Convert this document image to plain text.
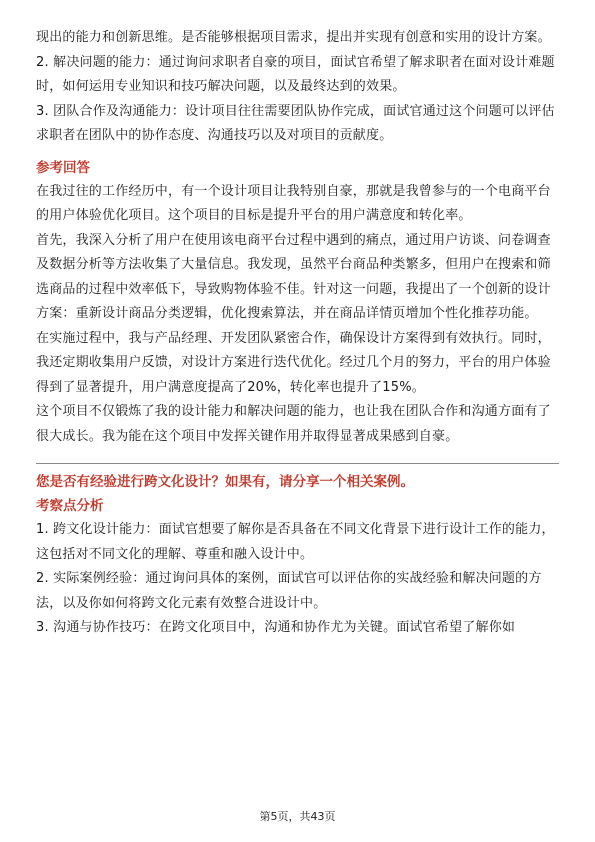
现出的能力和创新思维。是否能够根据项目需求，提出并实现有创意和实用的设计方案。

2. 解决问题的能力：通过询问求职者自豪的项目，面试官希望了解求职者在面对设计难题时，如何运用专业知识和技巧解决问题，以及最终达到的效果。

3. 团队合作及沟通能力：设计项目往往需要团队协作完成，面试官通过这个问题可以评估求职者在团队中的协作态度、沟通技巧以及对项目的贡献度。

参考回答

在我过往的工作经历中，有一个设计项目让我特别自豪，那就是我曾参与的一个电商平台的用户体验优化项目。这个项目的目标是提升平台的用户满意度和转化率。

首先，我深入分析了用户在使用该电商平台过程中遇到的痛点，通过用户访谈、问卷调查及数据分析等方法收集了大量信息。我发现，虽然平台商品种类繁多，但用户在搜索和筛选商品的过程中效率低下，导致购物体验不佳。针对这一问题，我提出了一个创新的设计方案：重新设计商品分类逻辑，优化搜索算法，并在商品详情页增加个性化推荐功能。

在实施过程中，我与产品经理、开发团队紧密合作，确保设计方案得到有效执行。同时，我还定期收集用户反馈，对设计方案进行迭代优化。经过几个月的努力，平台的用户体验得到了显著提升，用户满意度提高了20%，转化率也提升了15%。

这个项目不仅锻炼了我的设计能力和解决问题的能力，也让我在团队合作和沟通方面有了很大成长。我为能在这个项目中发挥关键作用并取得显著成果感到自豪。

您是否有经验进行跨文化设计？如果有，请分享一个相关案例。
考察点分析

1. 跨文化设计能力：面试官想要了解你是否具备在不同文化背景下进行设计工作的能力，这包括对不同文化的理解、尊重和融入设计中。

2. 实际案例经验：通过询问具体的案例，面试官可以评估你的实战经验和解决问题的方法，以及你如何将跨文化元素有效整合进设计中。

3. 沟通与协作技巧：在跨文化项目中，沟通和协作尤为关键。面试官希望了解你如

第5页，共43页
